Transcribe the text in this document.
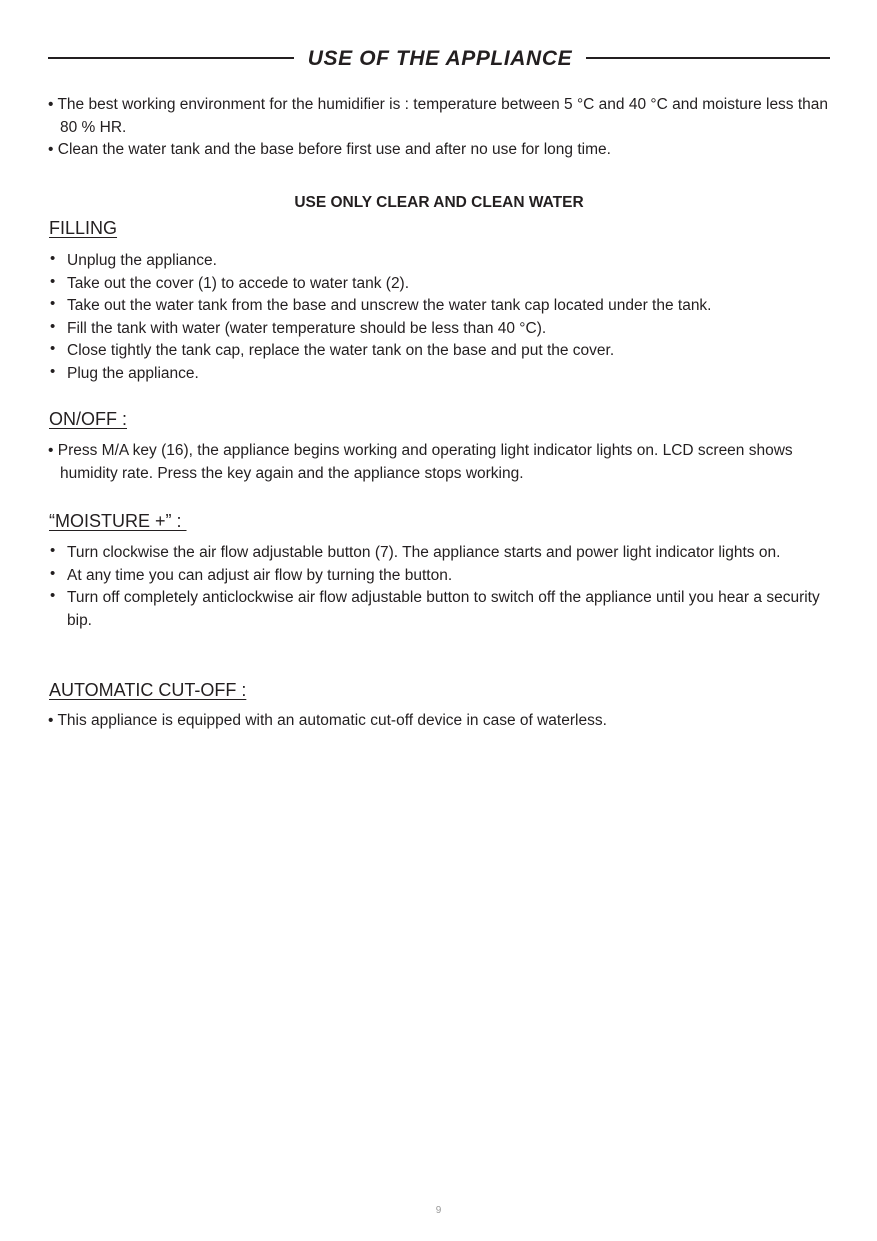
USE OF THE APPLIANCE

• The best working environment for the humidifier is : temperature between 5 °C and 40 °C and moisture less than 80 % HR.

• Clean the water tank and the base before first use and after no use for long time.

USE ONLY CLEAR AND CLEAN WATER
FILLING
• Unplug the appliance.
• Take out the cover (1) to accede to water tank (2).
• Take out the water tank from the base and unscrew the water tank cap located under the tank.
• Fill the tank with water (water temperature should be less than 40 °C).
• Close tightly the tank cap, replace the water tank on the base and put the cover.
• Plug the appliance.
ON/OFF :

• Press M/A key (16), the appliance begins working and operating light indicator lights on. LCD screen shows humidity rate. Press the key again and the appliance stops working.

“MOISTURE +” :
• Turn clockwise the air flow adjustable button (7). The appliance starts and power light indicator lights on.
• At any time you can adjust air flow by turning the button.
• Turn off completely anticlockwise air flow adjustable button to switch off the appliance until you hear a security bip.
AUTOMATIC CUT-OFF :

• This appliance is equipped with an automatic cut-off device in case of waterless.

9
